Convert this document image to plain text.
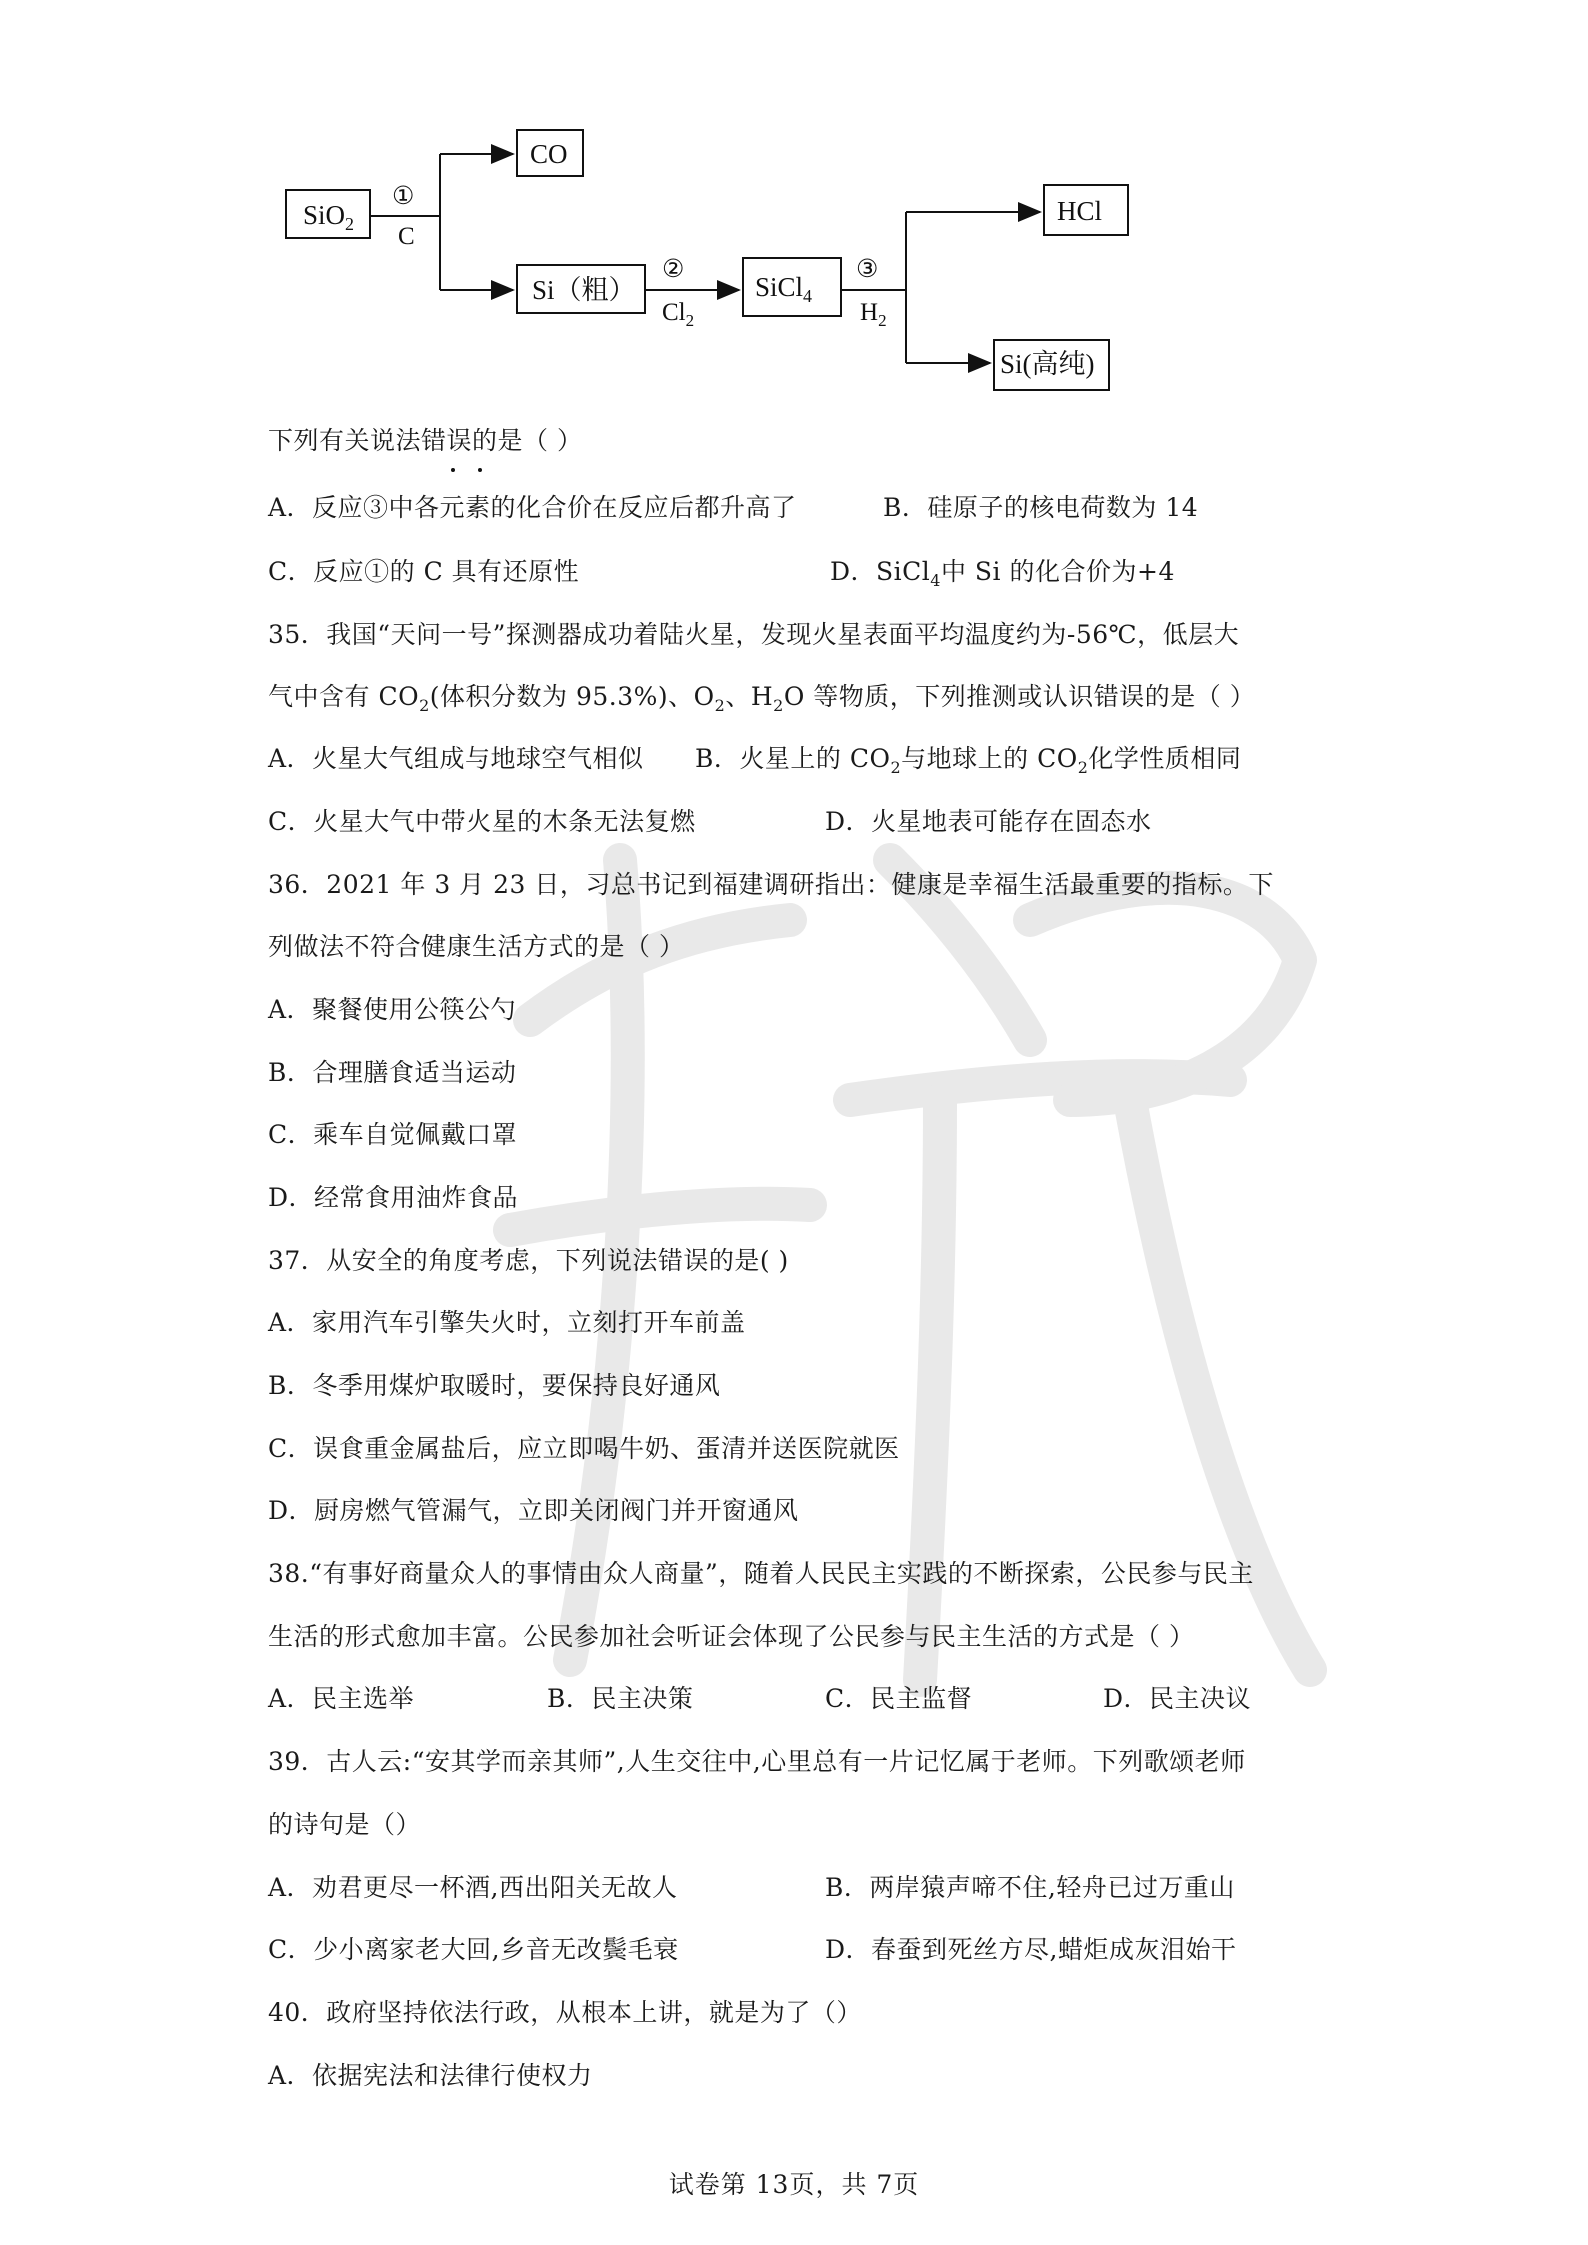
SiO$_2$
CO
Si（粗）	SiCl$_4$
HCl
Si(高纯)
①
C
②
$Cl_2$
③
$H_2$
下列有关说法错误的是（ ）
A．反应③中各元素的化合价在反应后都升高了	B．硅原子的核电荷数为 14
C．反应①的 C 具有还原性	D．SiCl$_4$中 Si 的化合价为+4
35．我国“天问一号”探测器成功着陆火星，发现火星表面平均温度约为-56℃，低层大
气中含有 $CO_2$(体积分数为 95.3%)、$O_2$、$H_2O$ 等物质，下列推测或认识错误的是（ ）
A．火星大气组成与地球空气相似 B．火星上的 $CO_2$与地球上的 $CO_2$化学性质相同
C．火星大气中带火星的木条无法复燃	D．火星地表可能存在固态水
36．2021 年 3 月 23 日，习总书记到福建调研指出：健康是幸福生活最重要的指标。下
列做法不符合健康生活方式的是（ ）
A．聚餐使用公筷公勺
B．合理膳食适当运动
C．乘车自觉佩戴口罩
D．经常食用油炸食品
37．从安全的角度考虑，下列说法错误的是( )
A．家用汽车引擎失火时，立刻打开车前盖
B．冬季用煤炉取暖时，要保持良好通风
C．误食重金属盐后，应立即喝牛奶、蛋清并送医院就医
D．厨房燃气管漏气，立即关闭阀门并开窗通风
38.“有事好商量众人的事情由众人商量”，随着人民民主实践的不断探索，公民参与民主
生活的形式愈加丰富。公民参加社会听证会体现了公民参与民主生活的方式是（ ）
A．民主选举	B．民主决策	C．民主监督	D．民主决议
39．古人云:“安其学而亲其师”,人生交往中,心里总有一片记忆属于老师。下列歌颂老师
的诗句是（）
A．劝君更尽一杯酒,西出阳关无故人	B．两岸猿声啼不住,轻舟已过万重山
C．少小离家老大回,乡音无改鬓毛衰	D．春蚕到死丝方尽,蜡炬成灰泪始干
40．政府坚持依法行政，从根本上讲，就是为了（）
A．依据宪法和法律行使权力
试卷第 13页，共 7页
